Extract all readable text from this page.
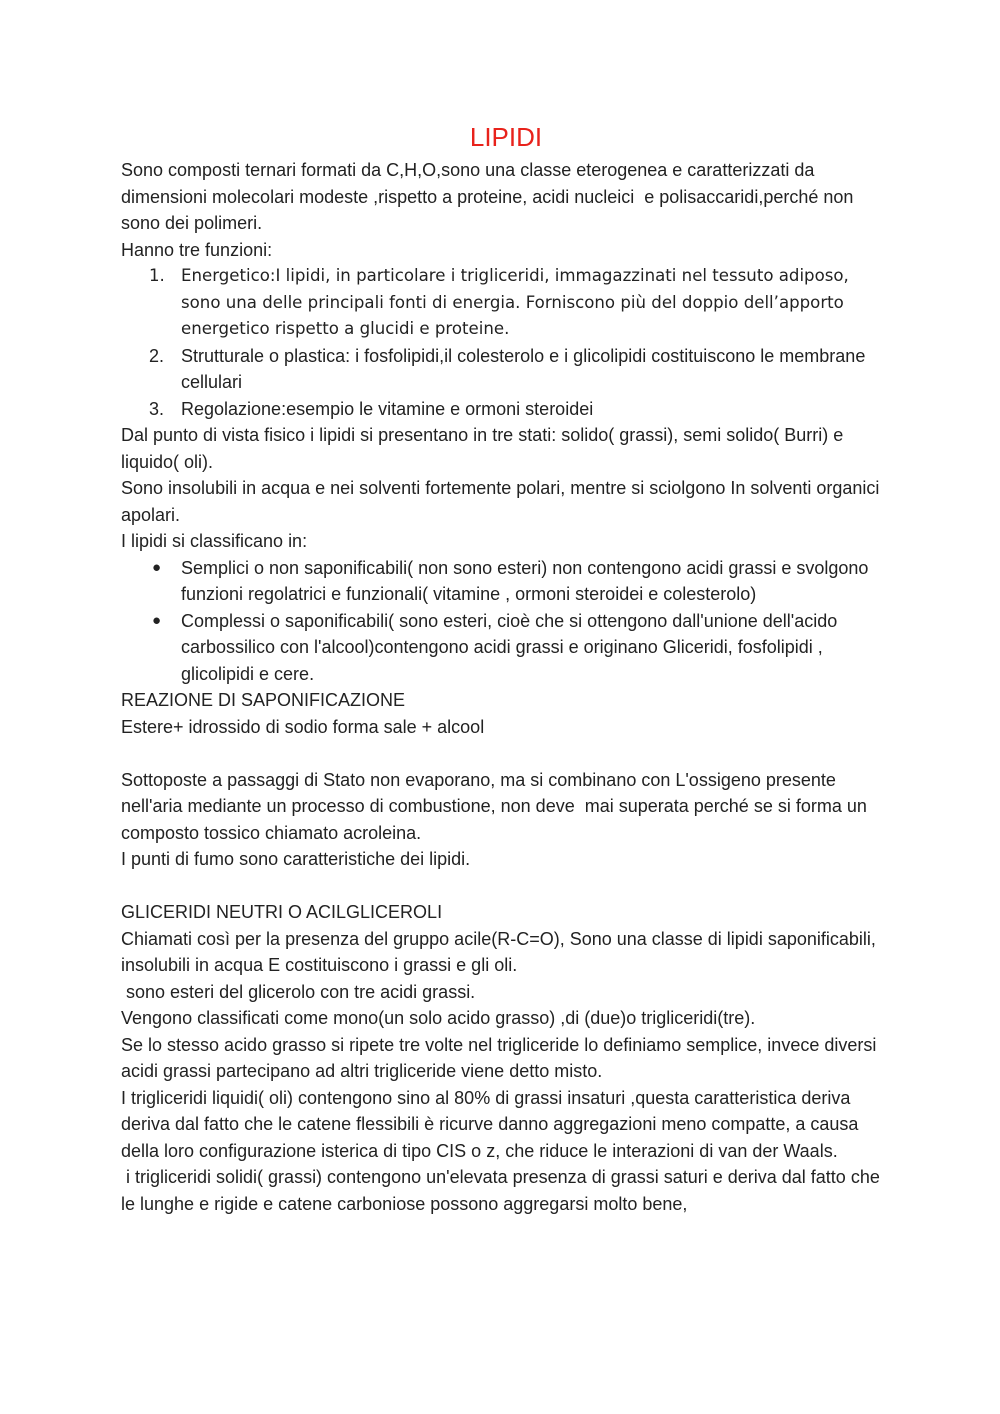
LIPIDI

Sono composti ternari formati da C,H,O,sono una classe eterogenea e caratterizzati da dimensioni molecolari modeste ,rispetto a proteine, acidi nucleici  e polisaccaridi,perché non sono dei polimeri.

Hanno tre funzioni:

1. Energetico:I lipidi, in particolare i trigliceridi, immagazzinati nel tessuto adiposo, sono una delle principali fonti di energia. Forniscono più del doppio dell’apporto energetico rispetto a glucidi e proteine.
2. Strutturale o plastica: i fosfolipidi,il colesterolo e i glicolipidi costituiscono le membrane cellulari
3. Regolazione:esempio le vitamine e ormoni steroidei

Dal punto di vista fisico i lipidi si presentano in tre stati: solido( grassi), semi solido( Burri) e liquido( oli).

Sono insolubili in acqua e nei solventi fortemente polari, mentre si sciolgono In solventi organici apolari.

I lipidi si classificano in:

● Semplici o non saponificabili( non sono esteri) non contengono acidi grassi e svolgono funzioni regolatrici e funzionali( vitamine , ormoni steroidei e colesterolo)
● Complessi o saponificabili( sono esteri, cioè che si ottengono dall'unione dell'acido carbossilico con l'alcool)contengono acidi grassi e originano Gliceridi, fosfolipidi , glicolipidi e cere.

REAZIONE DI SAPONIFICAZIONE

Estere+ idrossido di sodio forma sale + alcool

Sottoposte a passaggi di Stato non evaporano, ma si combinano con L'ossigeno presente nell'aria mediante un processo di combustione, non deve  mai superata perché se si forma un composto tossico chiamato acroleina.

I punti di fumo sono caratteristiche dei lipidi.

GLICERIDI NEUTRI O ACILGLICEROLI

Chiamati così per la presenza del gruppo acile(R-C=O), Sono una classe di lipidi saponificabili, insolubili in acqua E costituiscono i grassi e gli oli.

sono esteri del glicerolo con tre acidi grassi.

Vengono classificati come mono(un solo acido grasso) ,di (due)o trigliceridi(tre).

Se lo stesso acido grasso si ripete tre volte nel trigliceride lo definiamo semplice, invece diversi acidi grassi partecipano ad altri trigliceride viene detto misto.

I trigliceridi liquidi( oli) contengono sino al 80% di grassi insaturi ,questa caratteristica deriva deriva dal fatto che le catene flessibili è ricurve danno aggregazioni meno compatte, a causa della loro configurazione isterica di tipo CIS o z, che riduce le interazioni di van der Waals.

i trigliceridi solidi( grassi) contengono un'elevata presenza di grassi saturi e deriva dal fatto che le lunghe e rigide e catene carboniose possono aggregarsi molto bene,
